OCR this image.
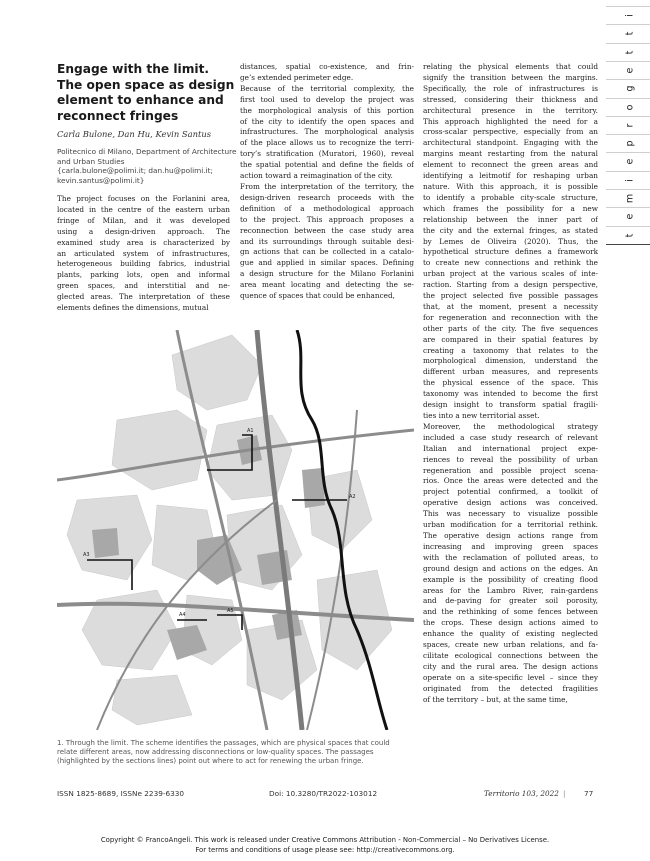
Engage with the limit.
The open space as design
element to enhance and
reconnect fringes
Carla Bulone, Dan Hu, Kevin Santus
Politecnico di Milano, Department of Architecture
and Urban Studies
{carla.bulone@polimi.it; dan.hu@polimi.it;
kevin.santus@polimi.it}
The project focuses on the Forlanini area,
located in the centre of the eastern urban
fringe of Milan, and it was developed
using a design-driven approach. The
examined study area is characterized by
an articulated system of infrastructures,
heterogeneous building fabrics, industrial
plants, parking lots, open and informal
green spaces, and interstitial and ne-
glected areas. The interpretation of these
elements defines the dimensions, mutual
distances, spatial co-existence, and frin-
ge’s extended perimeter edge.
Because of the territorial complexity, the
first tool used to develop the project was
the morphological analysis of this portion
of the city to identify the open spaces and
infrastructures. The morphological analysis
of the place allows us to recognize the terri-
tory’s stratification (Muratori, 1960), reveal
the spatial potential and define the fields of
action toward a reimagination of the city.
From the interpretation of the territory, the
design-driven research proceeds with the
definition of a methodological approach
to the project. This approach proposes a
reconnection between the case study area
and its surroundings through suitable desi-
gn actions that can be collected in a catalo-
gue and applied in similar spaces. Defining
a design structure for the Milano Forlanini
area meant locating and detecting the se-
quence of spaces that could be enhanced,
relating the physical elements that could
signify the transition between the margins.
Specifically, the role of infrastructures is
stressed, considering their thickness and
architectural presence in the territory.
This approach highlighted the need for a
cross-scalar perspective, especially from an
architectural standpoint. Engaging with the
margins meant restarting from the natural
element to reconnect the green areas and
identifying a leitmotif for reshaping urban
nature. With this approach, it is possible
to identify a probable city-scale structure,
which frames the possibility for a new
relationship between the inner part of
the city and the external fringes, as stated
by Lemes de Oliveira (2020). Thus, the
hypothetical structure defines a framework
to create new connections and rethink the
urban project at the various scales of inte-
raction. Starting from a design perspective,
the project selected five possible passages
that, at the moment, present a necessity
for regeneration and reconnection with the
other parts of the city. The five sequences
are compared in their spatial features by
creating a taxonomy that relates to the
morphological dimension, understand the
different urban measures, and represents
the physical essence of the space. This
taxonomy was intended to become the first
design insight to transform spatial fragili-
ties into a new territorial asset.
Moreover, the methodological strategy
included a case study research of relevant
Italian and international project expe-
riences to reveal the possibility of urban
regeneration and possible project scena-
rios. Once the areas were detected and the
project potential confirmed, a toolkit of
operative design actions was conceived.
This was necessary to visualize possible
urban modification for a territorial rethink.
The operative design actions range from
increasing and improving green spaces
with the reclamation of polluted areas, to
ground design and actions on the edges. An
example is the possibility of creating flood
areas for the Lambro River, rain-gardens
and de-paving for greater soil porosity,
and the rethinking of some fences between
the crops. These design actions aimed to
enhance the quality of existing neglected
spaces, create new urban relations, and fa-
cilitate ecological connections between the
city and the rural area. The design actions
operate on a site-specific level – since they
originated from the detected fragilities
of the territory – but, at the same time,
A1
A2
A3
A4
A5
1. Through the limit. The scheme identifies the passages, which are physical spaces that could
relate different areas, now addressing disconnections or low-quality spaces. The passages
(highlighted by the sections lines) point out where to act for renewing the urban fringe.
ISSN 1825-8689, ISSNe 2239-6330	Doi: 10.3280/TR2022-103012	Territorio 103, 2022 |	77
Copyright © FrancoAngeli. This work is released under Creative Commons Attribution - Non-Commercial – No Derivatives License.
For terms and conditions of usage please see: http://creativecommons.org.
i
t
t
e
g
o
r
p
e
i
m
e
t
